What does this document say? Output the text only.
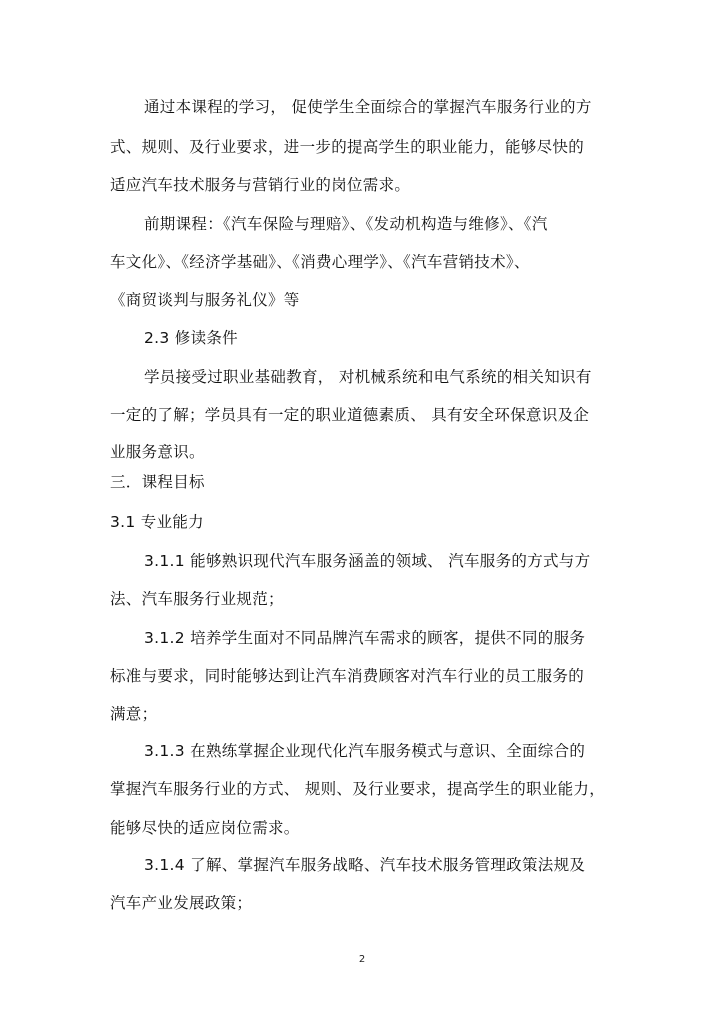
通过本课程的学习， 促使学生全面综合的掌握汽车服务行业的方
式、规则、及行业要求，进一步的提高学生的职业能力，能够尽快的
适应汽车技术服务与营销行业的岗位需求。
前期课程：《汽车保险与理赔》、《发动机构造与维修》、《汽
车文化》、《经济学基础》、《消费心理学》、《汽车营销技术》、
《商贸谈判与服务礼仪》等
2.3 修读条件
学员接受过职业基础教育， 对机械系统和电气系统的相关知识有
一定的了解；学员具有一定的职业道德素质、 具有安全环保意识及企
业服务意识。
三．课程目标
3.1 专业能力
3.1.1 能够熟识现代汽车服务涵盖的领域、 汽车服务的方式与方
法、汽车服务行业规范；
3.1.2 培养学生面对不同品牌汽车需求的顾客，提供不同的服务
标准与要求，同时能够达到让汽车消费顾客对汽车行业的员工服务的
满意；
3.1.3 在熟练掌握企业现代化汽车服务模式与意识、全面综合的
掌握汽车服务行业的方式、 规则、及行业要求，提高学生的职业能力，
能够尽快的适应岗位需求。
3.1.4 了解、掌握汽车服务战略、汽车技术服务管理政策法规及
汽车产业发展政策；
2
